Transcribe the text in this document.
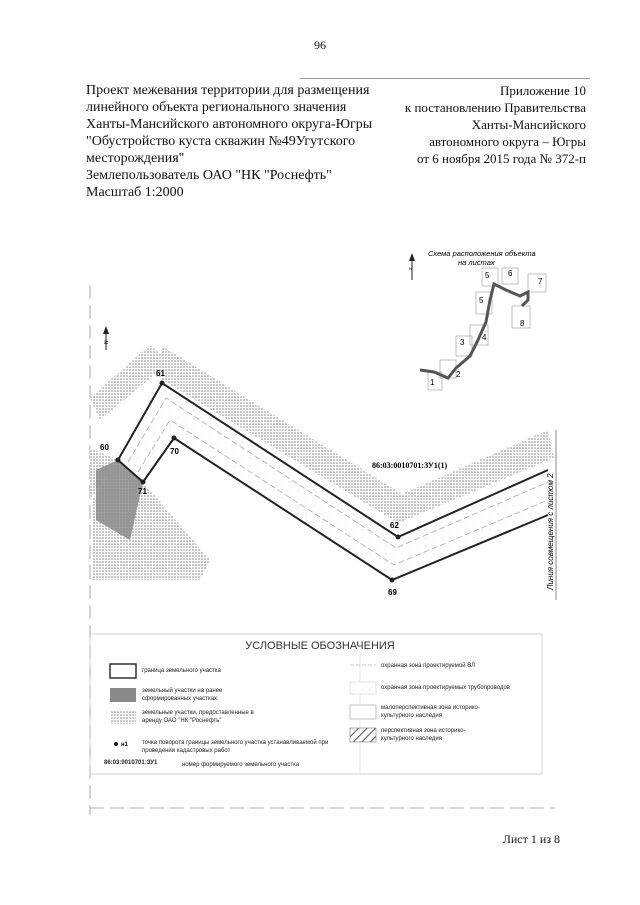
96
Проект межевания территории для размещения
линейного объекта регионального значения
Ханты-Мансийского автономного округа-Югры
"Обустройство куста скважин №49Угутского
месторождения"
Землепользователь ОАО "НК "Роснефть"
Масштаб 1:2000
Приложение 10
к постановлению Правительства
Ханты-Мансийского
автономного округа – Югры
от 6 ноября 2015 года № 372-п
60
61
70
71
62
69
86:03:0010701:ЗУ1(1)
Линия совмещения с листом 2
N
Схема расположения объекта
на листах
N
1
2
3
4
5
5 6
7
8
н1
УСЛОВНЫЕ ОБОЗНАЧЕНИЯ
граница земельного участка
земельный участки на ранее сформированных участках
земельные участки, предоставленные в аренду ОАО "НК "Роснефть"
точка поворота границы земельного участка устанавливаемой при проведении кадастровых работ
86:03:0010701:ЗУ1	номер формируемого земельного участка
охранная зона проектируемой ВЛ
охранная зона проектируемых трубопроводов
малоперспективная зона историко-культурного наследия
перспективная зона историко-культурного наследия
Лист 1 из 8
